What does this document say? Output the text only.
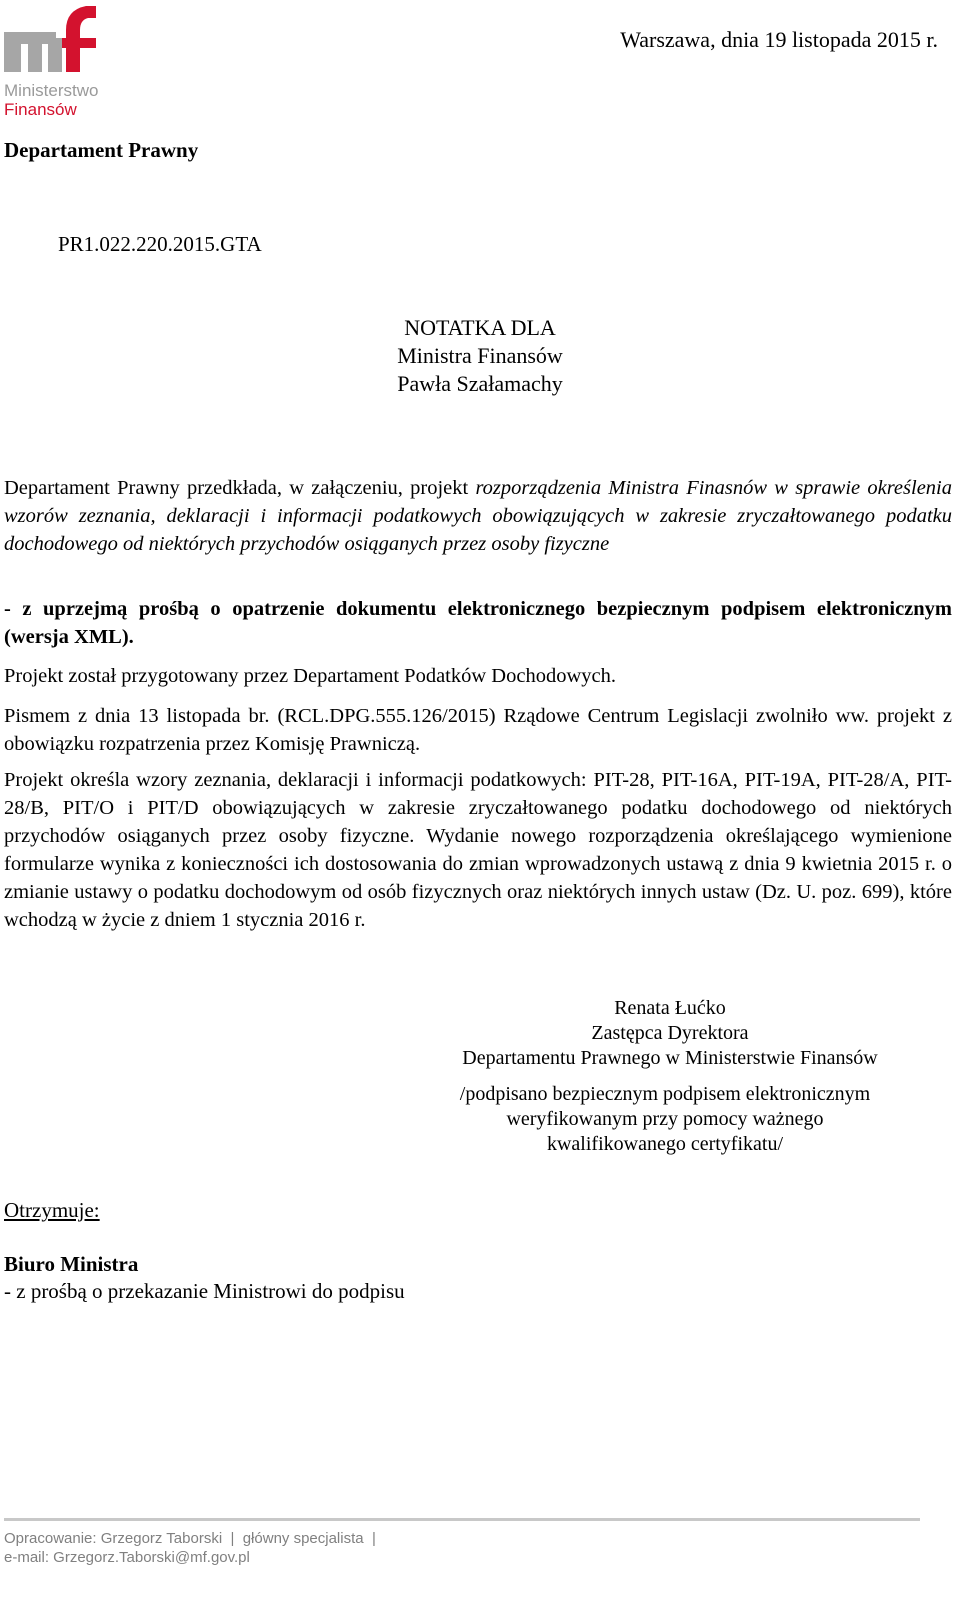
Ministerstwo
Finansów
Warszawa, dnia 19 listopada 2015 r.
Departament Prawny
PR1.022.220.2015.GTA
NOTATKA DLA
Ministra Finansów
Pawła Szałamachy
Departament Prawny przedkłada, w załączeniu, projekt rozporządzenia Ministra Finasnów w sprawie określenia wzorów zeznania, deklaracji i informacji podatkowych obowiązujących w zakresie zryczałtowanego podatku dochodowego od niektórych przychodów osiąganych przez osoby fizyczne
- z uprzejmą prośbą o opatrzenie dokumentu elektronicznego bezpiecznym podpisem elektronicznym (wersja XML).
Projekt został przygotowany przez Departament Podatków Dochodowych.
Pismem z dnia 13 listopada br. (RCL.DPG.555.126/2015) Rządowe Centrum Legislacji zwolniło ww. projekt z obowiązku rozpatrzenia przez Komisję Prawniczą.
Projekt określa wzory zeznania, deklaracji i informacji podatkowych: PIT-28, PIT-16A, PIT-19A, PIT-28/A, PIT-28/B, PIT/O i PIT/D obowiązujących w zakresie zryczałtowanego podatku dochodowego od niektórych przychodów osiąganych przez osoby fizyczne. Wydanie nowego rozporządzenia określającego wymienione formularze wynika z konieczności ich dostosowania do zmian wprowadzonych ustawą z dnia 9 kwietnia 2015 r. o zmianie ustawy o podatku dochodowym od osób fizycznych oraz niektórych innych ustaw (Dz. U. poz. 699), które wchodzą w życie z dniem 1 stycznia 2016 r.
Renata Łućko
Zastępca Dyrektora
Departamentu Prawnego w Ministerstwie Finansów
/podpisano bezpiecznym podpisem elektronicznym
weryfikowanym przy pomocy ważnego
kwalifikowanego certyfikatu/
Otrzymuje:
Biuro Ministra
- z prośbą o przekazanie Ministrowi do podpisu
Opracowanie: Grzegorz Taborski  |  główny specjalista  |
e-mail: Grzegorz.Taborski@mf.gov.pl
